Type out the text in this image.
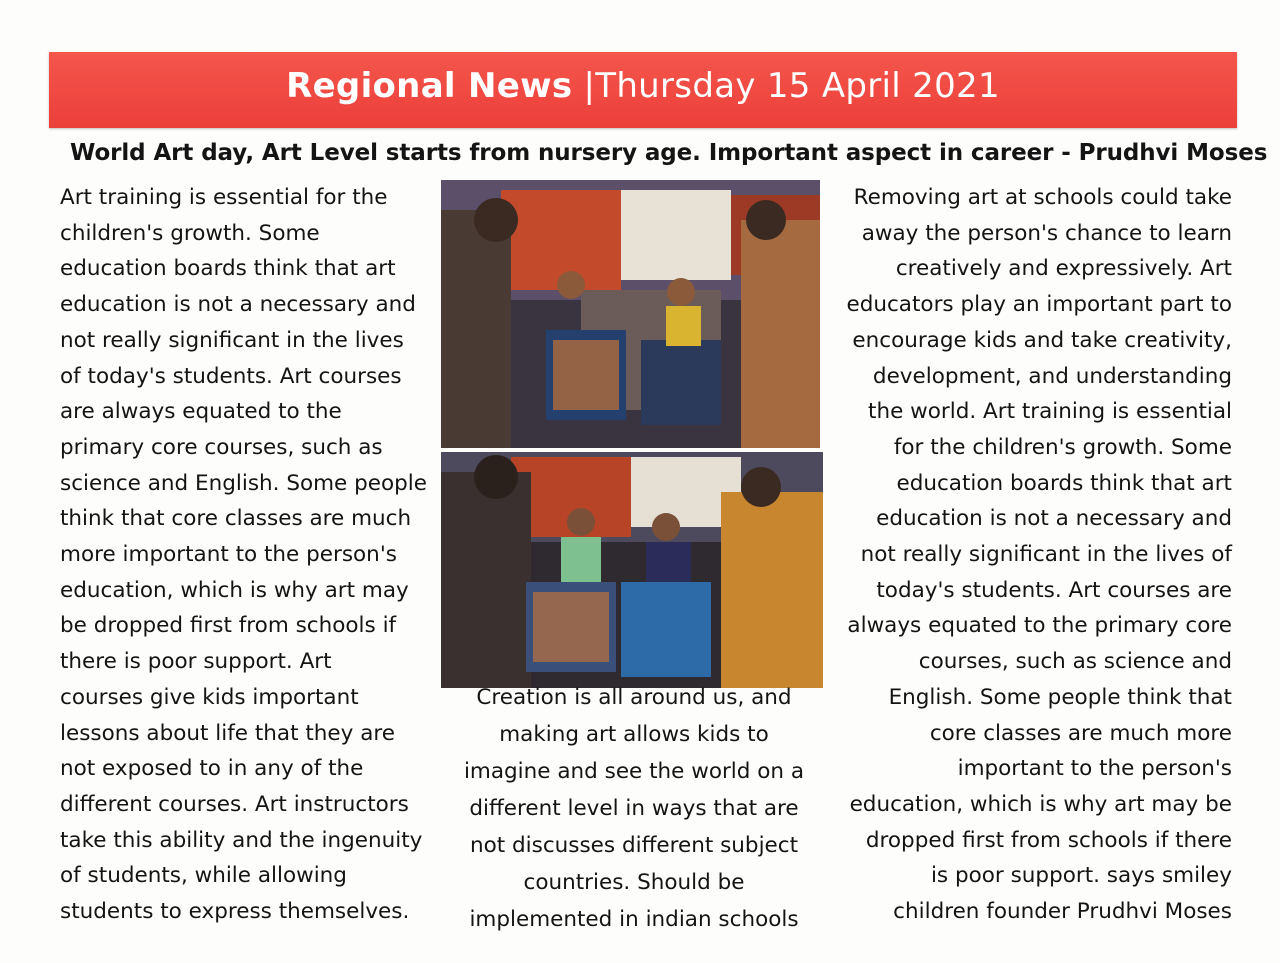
Regional News |Thursday 15 April 2021
World Art day, Art Level starts from nursery age. Important aspect in career - Prudhvi Moses

Art training is essential for the
children's growth. Some
education boards think that art
education is not a necessary and
not really significant in the lives
of today's students. Art courses
are always equated to the
primary core courses, such as
science and English. Some people
think that core classes are much
more important to the person's
education, which is why art may
be dropped first from schools if
there is poor support. Art
courses give kids important
lessons about life that they are
not exposed to in any of the
different courses. Art instructors
take this ability and the ingenuity
of students, while allowing
students to express themselves.

Creation is all around us, and
making art allows kids to
imagine and see the world on a
different level in ways that are
not discusses different subject
countries. Should be
implemented in indian schools

Removing art at schools could take
away the person's chance to learn
creatively and expressively. Art
educators play an important part to
encourage kids and take creativity,
development, and understanding
the world. Art training is essential
for the children's growth. Some
education boards think that art
education is not a necessary and
not really significant in the lives of
today's students. Art courses are
always equated to the primary core
courses, such as science and
English. Some people think that
core classes are much more
important to the person's
education, which is why art may be
dropped first from schools if there
is poor support. says smiley
children founder Prudhvi Moses
